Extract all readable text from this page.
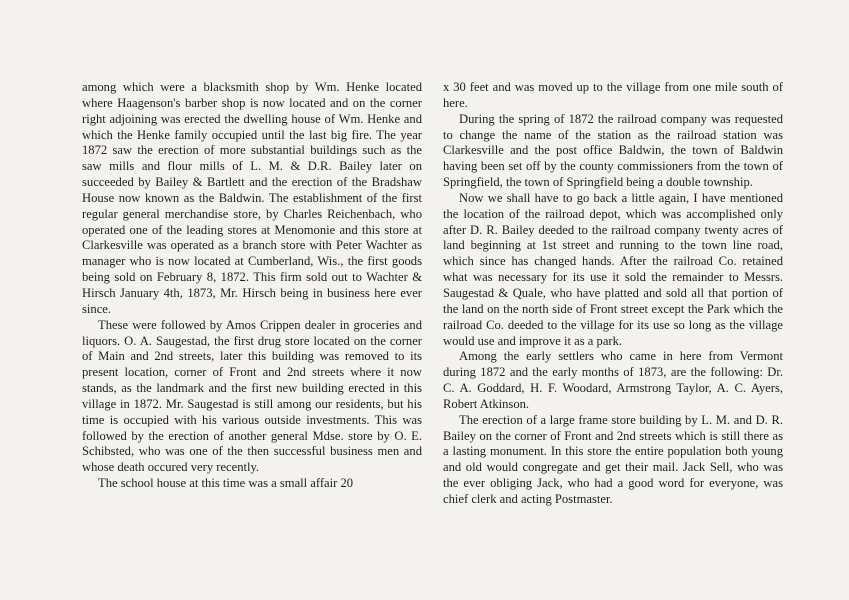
among which were a blacksmith shop by Wm. Henke located where Haagenson's barber shop is now located and on the corner right adjoining was erected the dwelling house of Wm. Henke and which the Henke family occupied until the last big fire. The year 1872 saw the erection of more substantial buildings such as the saw mills and flour mills of L. M. & D.R. Bailey later on succeeded by Bailey & Bartlett and the erection of the Bradshaw House now known as the Baldwin. The establishment of the first regular general merchandise store, by Charles Reichenbach, who operated one of the leading stores at Menomonie and this store at Clarkesville was operated as a branch store with Peter Wachter as manager who is now located at Cumberland, Wis., the first goods being sold on February 8, 1872. This firm sold out to Wachter & Hirsch January 4th, 1873, Mr. Hirsch being in business here ever since.

These were followed by Amos Crippen dealer in groceries and liquors. O. A. Saugestad, the first drug store located on the corner of Main and 2nd streets, later this building was removed to its present location, corner of Front and 2nd streets where it now stands, as the landmark and the first new building erected in this village in 1872. Mr. Saugestad is still among our residents, but his time is occupied with his various outside investments. This was followed by the erection of another general Mdse. store by O. E. Schibsted, who was one of the then successful business men and whose death occured very recently.

The school house at this time was a small affair 20

x 30 feet and was moved up to the village from one mile south of here.

During the spring of 1872 the railroad company was requested to change the name of the station as the railroad station was Clarkesville and the post office Baldwin, the town of Baldwin having been set off by the county commissioners from the town of Springfield, the town of Springfield being a double township.

Now we shall have to go back a little again, I have mentioned the location of the railroad depot, which was accomplished only after D. R. Bailey deeded to the railroad company twenty acres of land beginning at 1st street and running to the town line road, which since has changed hands. After the railroad Co. retained what was necessary for its use it sold the remainder to Messrs. Saugestad & Quale, who have platted and sold all that portion of the land on the north side of Front street except the Park which the railroad Co. deeded to the village for its use so long as the village would use and improve it as a park.

Among the early settlers who came in here from Vermont during 1872 and the early months of 1873, are the following: Dr. C. A. Goddard, H. F. Woodard, Armstrong Taylor, A. C. Ayers, Robert Atkinson.

The erection of a large frame store building by L. M. and D. R. Bailey on the corner of Front and 2nd streets which is still there as a lasting monument. In this store the entire population both young and old would congregate and get their mail. Jack Sell, who was the ever obliging Jack, who had a good word for everyone, was chief clerk and acting Postmaster.
